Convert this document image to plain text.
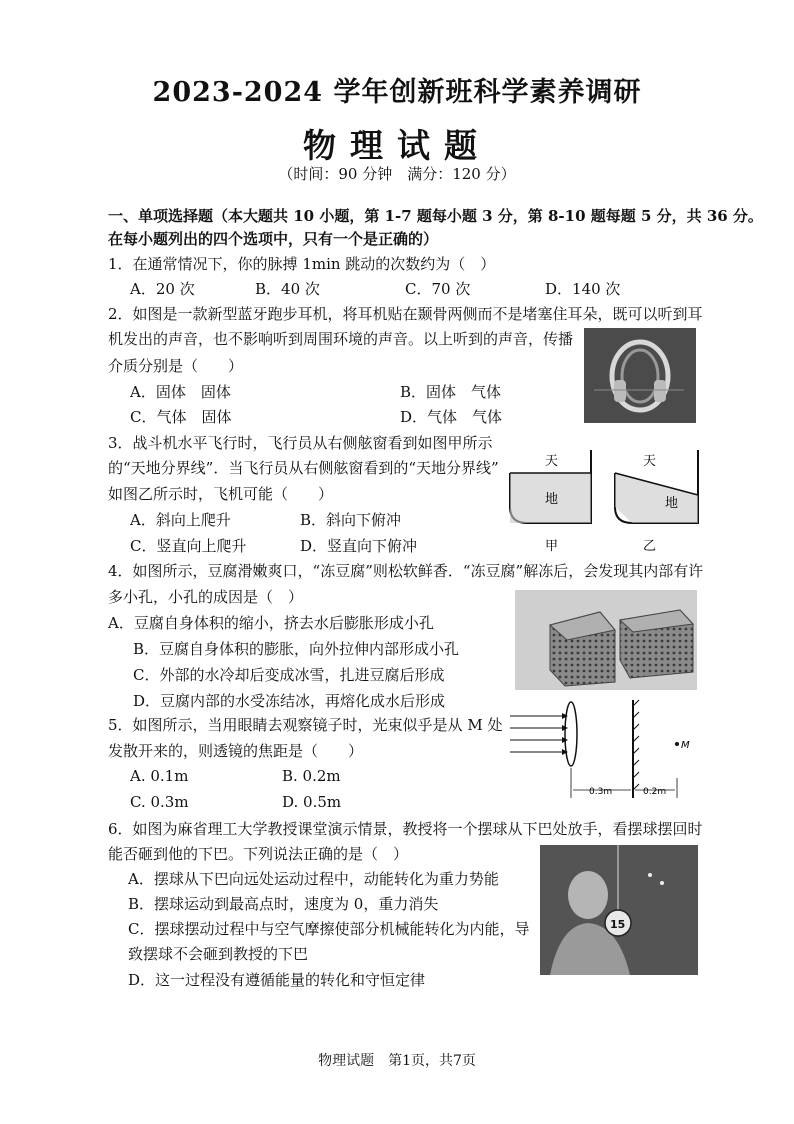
2023-2024 学年创新班科学素养调研
物理试题
（时间：90 分钟　满分：120 分）
一、单项选择题（本大题共 10 小题，第 1-7 题每小题 3 分，第 8-10 题每题 5 分，共 36 分。
在每小题列出的四个选项中，只有一个是正确的）
1．在通常情况下，你的脉搏 1min 跳动的次数约为（　）
A．20 次	B．40 次	C．70 次	D．140 次
2．如图是一款新型蓝牙跑步耳机，将耳机贴在颞骨两侧而不是堵塞住耳朵，既可以听到耳
机发出的声音，也不影响听到周围环境的声音。以上听到的声音，传播
介质分别是（　　）
A．固体　固体	B．固体　气体
C．气体　固体	D．气体　气体
3．战斗机水平飞行时，飞行员从右侧舷窗看到如图甲所示
的“天地分界线”．当飞行员从右侧舷窗看到的“天地分界线”
如图乙所示时，飞机可能（　　）
A．斜向上爬升	B．斜向下俯冲
C．竖直向上爬升	D．竖直向下俯冲
天
地
甲
天
地
乙
4．如图所示，豆腐滑嫩爽口，“冻豆腐”则松软鲜香．“冻豆腐”解冻后，会发现其内部有许
多小孔，小孔的成因是（　）
A．豆腐自身体积的缩小，挤去水后膨胀形成小孔
B．豆腐自身体积的膨胀，向外拉伸内部形成小孔
C．外部的水冷却后变成冰雪，扎进豆腐后形成
D．豆腐内部的水受冻结冰，再熔化成水后形成
5．如图所示，当用眼睛去观察镜子时，光束似乎是从 M 处
发散开来的，则透镜的焦距是（　　）
A. 0.1m	B. 0.2m
C. 0.3m	D. 0.5m
M
0.3m	0.2m
6．如图为麻省理工大学教授课堂演示情景，教授将一个摆球从下巴处放手，看摆球摆回时
能否砸到他的下巴。下列说法正确的是（　）
A．摆球从下巴向远处运动过程中，动能转化为重力势能
B．摆球运动到最高点时，速度为 0，重力消失
C．摆球摆动过程中与空气摩擦使部分机械能转化为内能，导
致摆球不会砸到教授的下巴
D．这一过程没有遵循能量的转化和守恒定律
15
物理试题　第1页，共7页
